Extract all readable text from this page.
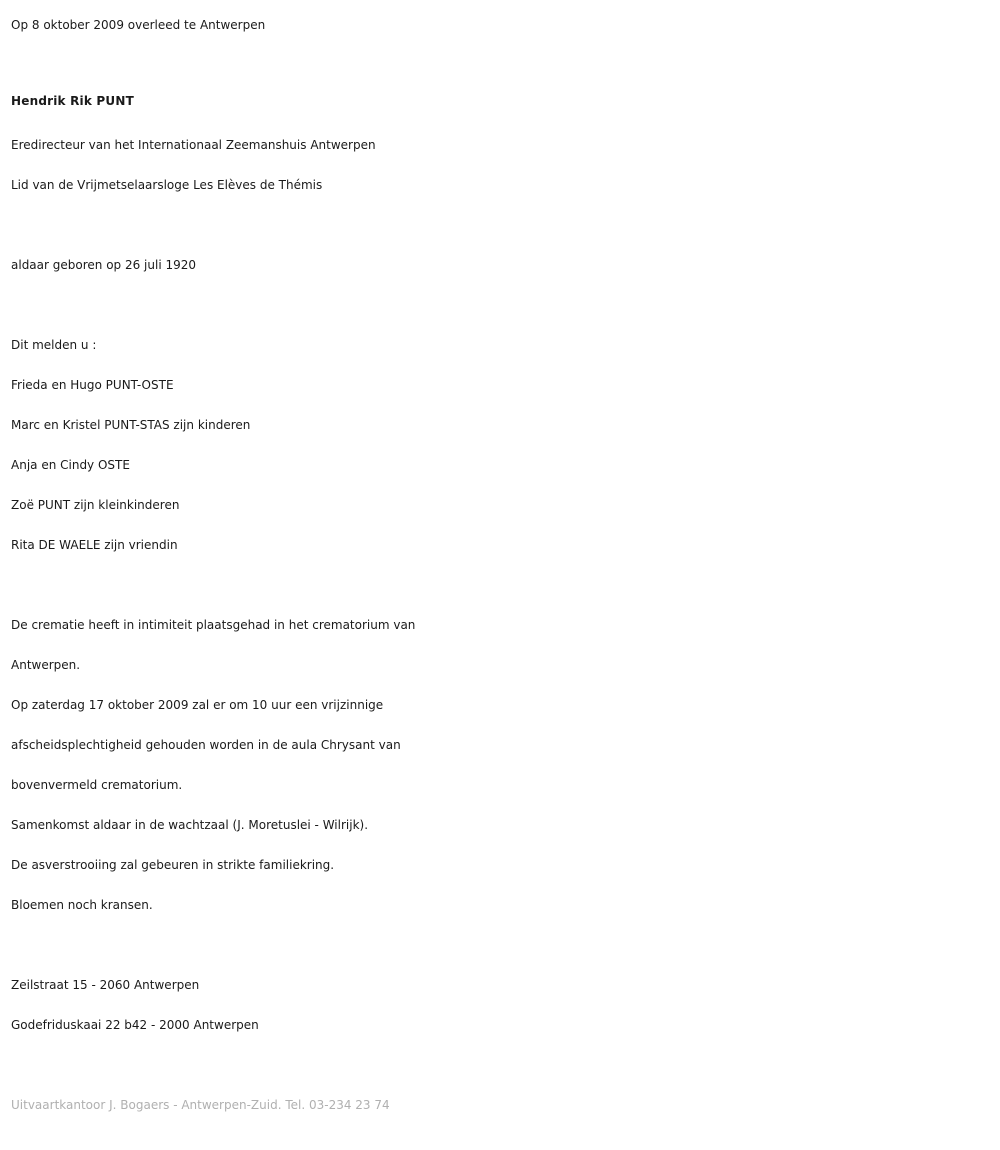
Op 8 oktober 2009 overleed te Antwerpen
Hendrik Rik PUNT
Eredirecteur van het Internationaal Zeemanshuis Antwerpen
Lid van de Vrijmetselaarsloge Les Elèves de Thémis
aldaar geboren op 26 juli 1920
Dit melden u :
Frieda en Hugo PUNT-OSTE
Marc en Kristel PUNT-STAS zijn kinderen
Anja en Cindy OSTE
Zoë PUNT zijn kleinkinderen
Rita DE WAELE zijn vriendin
De crematie heeft in intimiteit plaatsgehad in het crematorium van
Antwerpen.
Op zaterdag 17 oktober 2009 zal er om 10 uur een vrijzinnige
afscheidsplechtigheid gehouden worden in de aula Chrysant van
bovenvermeld crematorium.
Samenkomst aldaar in de wachtzaal (J. Moretuslei - Wilrijk).
De asverstrooiing zal gebeuren in strikte familiekring.
Bloemen noch kransen.
Zeilstraat 15 - 2060 Antwerpen
Godefriduskaai 22 b42 - 2000 Antwerpen
Uitvaartkantoor J. Bogaers - Antwerpen-Zuid. Tel. 03-234 23 74
